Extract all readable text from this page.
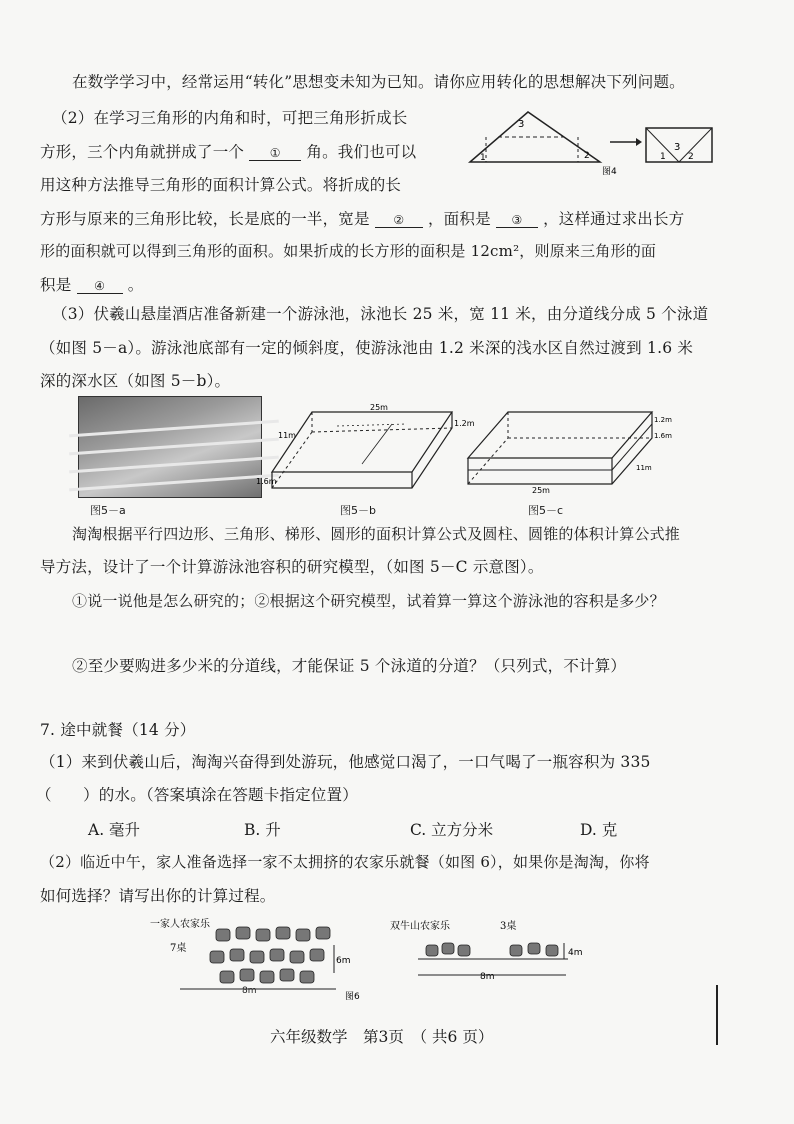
在数学学习中，经常运用“转化”思想变未知为已知。请你应用转化的思想解决下列问题。
（2）在学习三角形的内角和时，可把三角形折成长
方形，三个内角就拼成了一个 ① 角。我们也可以
用这种方法推导三角形的面积计算公式。将折成的长
方形与原来的三角形比较，长是底的一半，宽是 ② ，面积是 ③ ，这样通过求出长方
形的面积就可以得到三角形的面积。如果折成的长方形的面积是 12cm²，则原来三角形的面
积是 ④ 。
3
1	2
3
1 2
图4
（3）伏羲山悬崖酒店准备新建一个游泳池，泳池长 25 米，宽 11 米，由分道线分成 5 个泳道
（如图 5－a）。游泳池底部有一定的倾斜度，使游泳池由 1.2 米深的浅水区自然过渡到 1.6 米
深的深水区（如图 5－b）。
图5－a
25m
11m
1.6m
1.2m
图5－b
25m
1.2m
1.6m
11m
图5－c
淘淘根据平行四边形、三角形、梯形、圆形的面积计算公式及圆柱、圆锥的体积计算公式推
导方法，设计了一个计算游泳池容积的研究模型，（如图 5－C 示意图）。
①说一说他是怎么研究的；②根据这个研究模型，试着算一算这个游泳池的容积是多少？
②至少要购进多少米的分道线，才能保证 5 个泳道的分道？（只列式，不计算）
7. 途中就餐（14 分）
（1）来到伏羲山后，淘淘兴奋得到处游玩，他感觉口渴了，一口气喝了一瓶容积为 335
（　　）的水。（答案填涂在答题卡指定位置）
A. 毫升	B. 升	C. 立方分米	D. 克
（2）临近中午，家人准备选择一家不太拥挤的农家乐就餐（如图 6），如果你是淘淘，你将
如何选择？请写出你的计算过程。
一家人农家乐
7桌
6m
8m
图6
双牛山农家乐	3桌
4m
8m
六年级数学　第3页　（ 共6 页）
